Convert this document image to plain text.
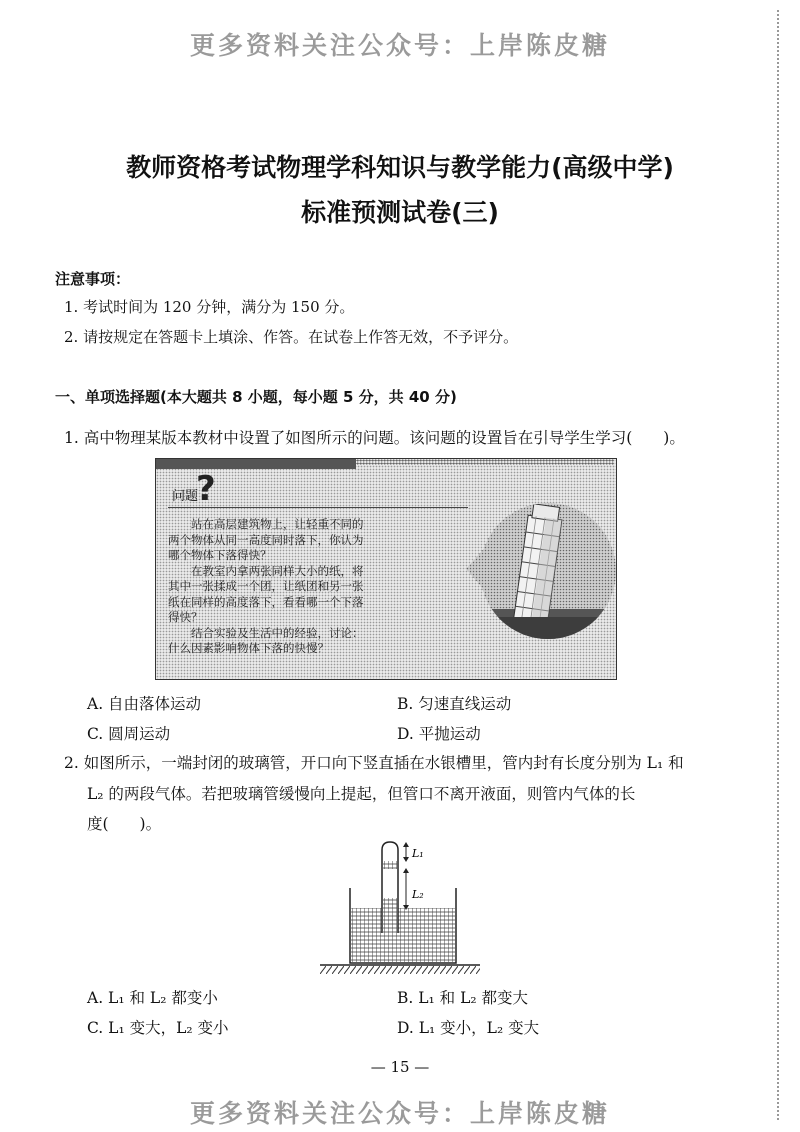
更多资料关注公众号：上岸陈皮糖
教师资格考试物理学科知识与教学能力(高级中学)
标准预测试卷(三)
注意事项：
1. 考试时间为 120 分钟，满分为 150 分。
2. 请按规定在答题卡上填涂、作答。在试卷上作答无效，不予评分。
一、单项选择题(本大题共 8 小题，每小题 5 分，共 40 分)
1. 高中物理某版本教材中设置了如图所示的问题。该问题的设置旨在引导学生学习(　　)。
问题
?
站在高层建筑物上，让轻重不同的
两个物体从同一高度同时落下，你认为
哪个物体下落得快？
在教室内拿两张同样大小的纸，将
其中一张揉成一个团，让纸团和另一张
纸在同样的高度落下，看看哪一个下落
得快？
结合实验及生活中的经验，讨论：
什么因素影响物体下落的快慢？
A. 自由落体运动	B. 匀速直线运动
C. 圆周运动	D. 平抛运动
2. 如图所示，一端封闭的玻璃管，开口向下竖直插在水银槽里，管内封有长度分别为 L₁ 和
L₂ 的两段气体。若把玻璃管缓慢向上提起，但管口不离开液面，则管内气体的长
度(　　)。
L₁
L₂
A. L₁ 和 L₂ 都变小	B. L₁ 和 L₂ 都变大
C. L₁ 变大，L₂ 变小	D. L₁ 变小，L₂ 变大
— 15 —
更多资料关注公众号：上岸陈皮糖
